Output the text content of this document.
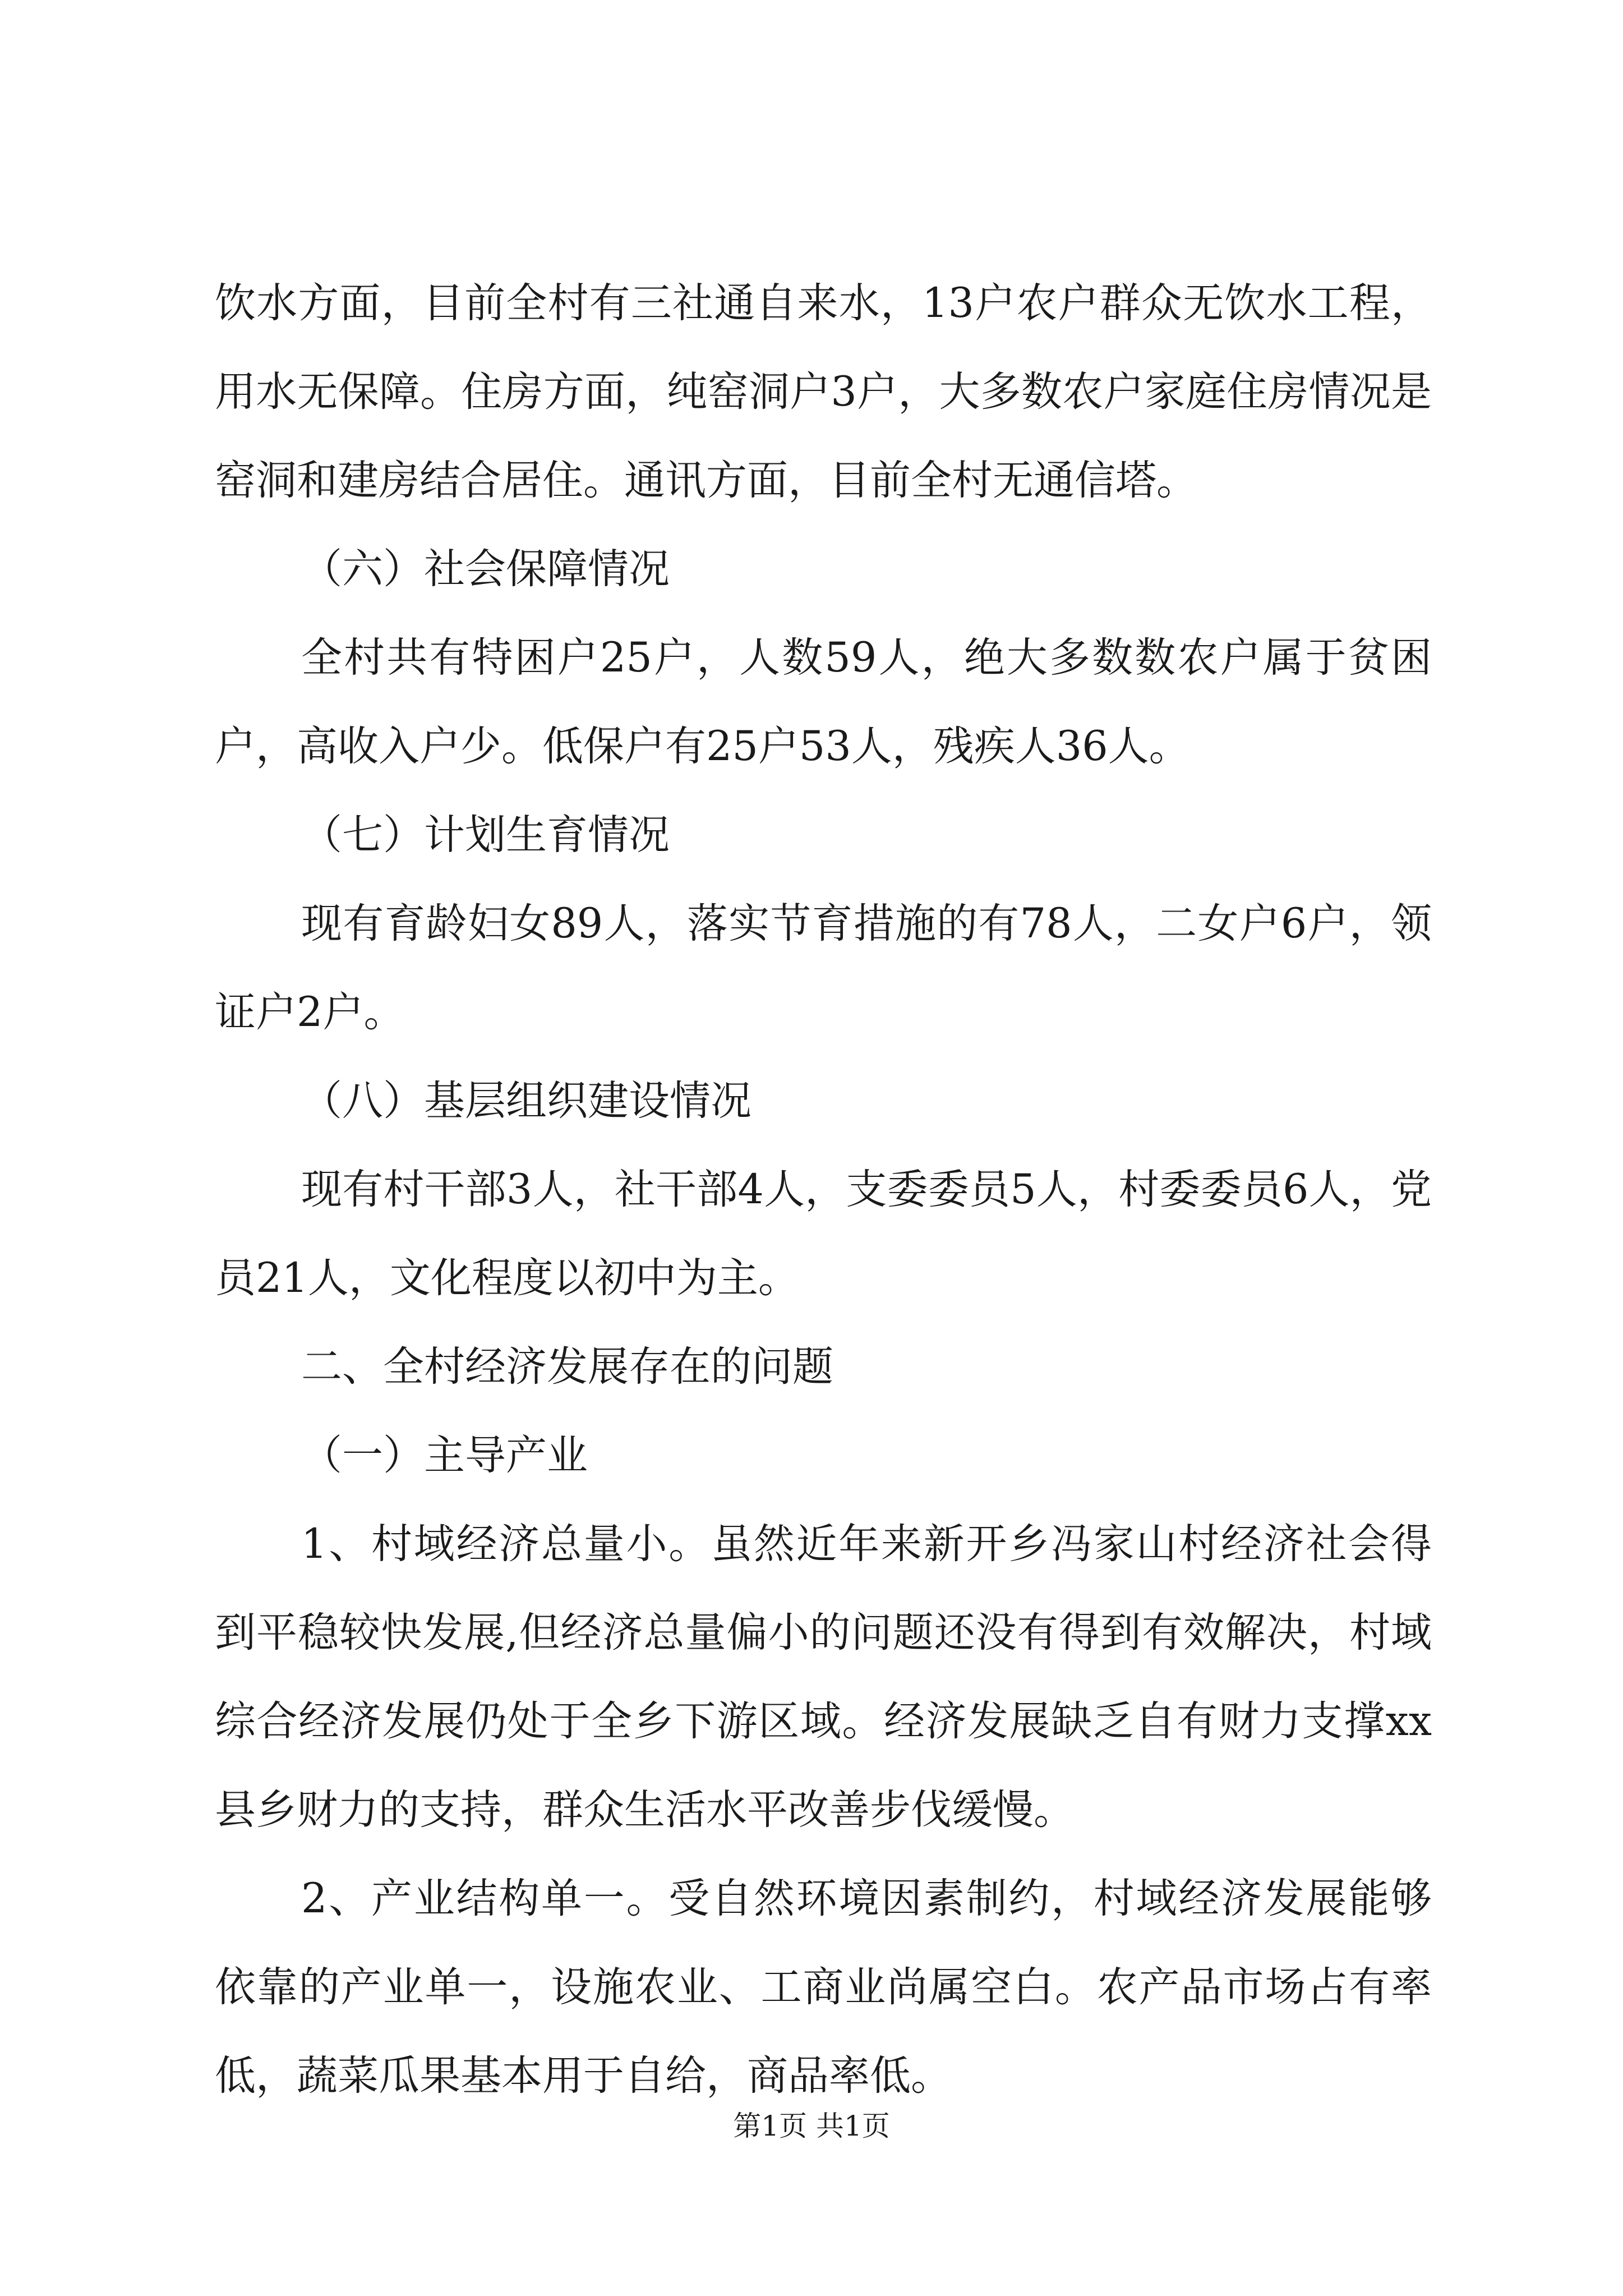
饮水方面，目前全村有三社通自来水，13户农户群众无饮水工程，用水无保障。住房方面，纯窑洞户3户，大多数农户家庭住房情况是窑洞和建房结合居住。通讯方面，目前全村无通信塔。

（六）社会保障情况

全村共有特困户25户，人数59人，绝大多数数农户属于贫困户，高收入户少。低保户有25户53人，残疾人36人。

（七）计划生育情况

现有育龄妇女89人，落实节育措施的有78人，二女户6户，领证户2户。

（八）基层组织建设情况

现有村干部3人，社干部4人，支委委员5人，村委委员6人，党员21人，文化程度以初中为主。

二、全村经济发展存在的问题

（一）主导产业

1、村域经济总量小。虽然近年来新开乡冯家山村经济社会得到平稳较快发展,但经济总量偏小的问题还没有得到有效解决，村域综合经济发展仍处于全乡下游区域。经济发展缺乏自有财力支撑xx县乡财力的支持，群众生活水平改善步伐缓慢。

2、产业结构单一。受自然环境因素制约，村域经济发展能够依靠的产业单一，设施农业、工商业尚属空白。农产品市场占有率低，蔬菜瓜果基本用于自给，商品率低。

第1页 共1页
